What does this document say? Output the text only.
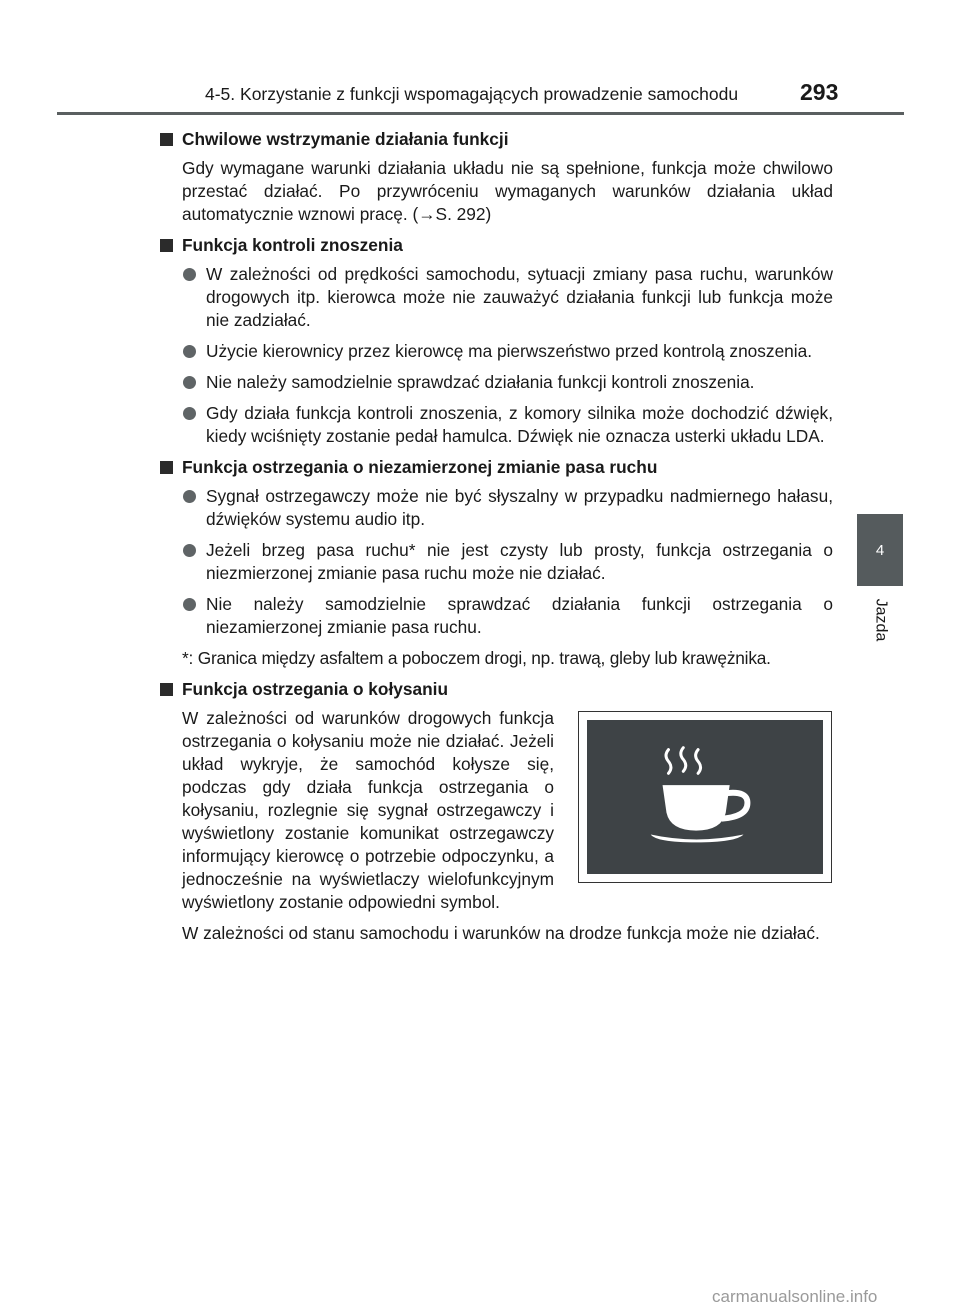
4-5. Korzystanie z funkcji wspomagających prowadzenie samochodu	293
4
Jazda
Chwilowe wstrzymanie działania funkcji

Gdy wymagane warunki działania układu nie są spełnione, funkcja może chwilowo przestać działać. Po przywróceniu wymaganych warunków działania układ automatycznie wznowi pracę. (→S. 292)

Funkcja kontroli znoszenia
W zależności od prędkości samochodu, sytuacji zmiany pasa ruchu, warunków drogowych itp. kierowca może nie zauważyć działania funkcji lub funkcja może nie zadziałać.
Użycie kierownicy przez kierowcę ma pierwszeństwo przed kontrolą znoszenia.
Nie należy samodzielnie sprawdzać działania funkcji kontroli znoszenia.
Gdy działa funkcja kontroli znoszenia, z komory silnika może dochodzić dźwięk, kiedy wciśnięty zostanie pedał hamulca. Dźwięk nie oznacza usterki układu LDA.
Funkcja ostrzegania o niezamierzonej zmianie pasa ruchu
Sygnał ostrzegawczy może nie być słyszalny w przypadku nadmiernego hałasu, dźwięków systemu audio itp.
Jeżeli brzeg pasa ruchu* nie jest czysty lub prosty, funkcja ostrzegania o niezmierzonej zmianie pasa ruchu może nie działać.
Nie należy samodzielnie sprawdzać działania funkcji ostrzegania o niezamierzonej zmianie pasa ruchu.

*: Granica między asfaltem a poboczem drogi, np. trawą, gleby lub krawężnika.

Funkcja ostrzegania o kołysaniu

W zależności od warunków drogowych funkcja ostrzegania o kołysaniu może nie działać. Jeżeli układ wykryje, że samochód kołysze się, podczas gdy działa funkcja ostrzegania o kołysaniu, rozlegnie się sygnał ostrzegawczy i wyświetlony zostanie komunikat ostrzegawczy informujący kierowcę o potrzebie odpoczynku, a jednocześnie na wyświetlaczy wielofunkcyjnym wyświetlony zostanie odpowiedni symbol.

W zależności od stanu samochodu i warunków na drodze funkcja może nie działać.

carmanualsonline.info
